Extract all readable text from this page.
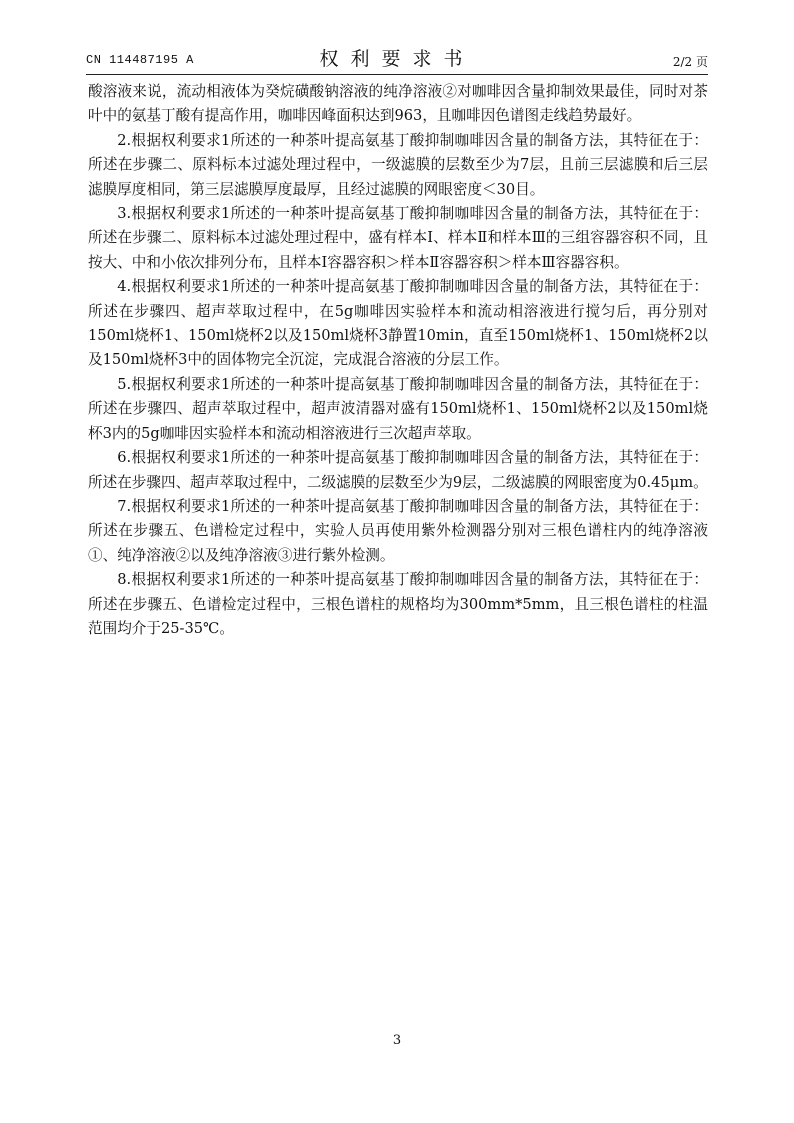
CN 114487195 A	权利要求书	2/2 页

酸溶液来说，流动相液体为癸烷磺酸钠溶液的纯净溶液②对咖啡因含量抑制效果最佳，同时对茶叶中的氨基丁酸有提高作用，咖啡因峰面积达到963，且咖啡因色谱图走线趋势最好。

2.根据权利要求1所述的一种茶叶提高氨基丁酸抑制咖啡因含量的制备方法，其特征在于：所述在步骤二、原料标本过滤处理过程中，一级滤膜的层数至少为7层，且前三层滤膜和后三层滤膜厚度相同，第三层滤膜厚度最厚，且经过滤膜的网眼密度＜30目。

3.根据权利要求1所述的一种茶叶提高氨基丁酸抑制咖啡因含量的制备方法，其特征在于：所述在步骤二、原料标本过滤处理过程中，盛有样本Ⅰ、样本Ⅱ和样本Ⅲ的三组容器容积不同，且按大、中和小依次排列分布，且样本Ⅰ容器容积＞样本Ⅱ容器容积＞样本Ⅲ容器容积。

4.根据权利要求1所述的一种茶叶提高氨基丁酸抑制咖啡因含量的制备方法，其特征在于：所述在步骤四、超声萃取过程中，在5g咖啡因实验样本和流动相溶液进行搅匀后，再分别对150ml烧杯1、150ml烧杯2以及150ml烧杯3静置10min，直至150ml烧杯1、150ml烧杯2以及150ml烧杯3中的固体物完全沉淀，完成混合溶液的分层工作。

5.根据权利要求1所述的一种茶叶提高氨基丁酸抑制咖啡因含量的制备方法，其特征在于：所述在步骤四、超声萃取过程中，超声波清器对盛有150ml烧杯1、150ml烧杯2以及150ml烧杯3内的5g咖啡因实验样本和流动相溶液进行三次超声萃取。

6.根据权利要求1所述的一种茶叶提高氨基丁酸抑制咖啡因含量的制备方法，其特征在于：所述在步骤四、超声萃取过程中，二级滤膜的层数至少为9层，二级滤膜的网眼密度为0.45μm。

7.根据权利要求1所述的一种茶叶提高氨基丁酸抑制咖啡因含量的制备方法，其特征在于：所述在步骤五、色谱检定过程中，实验人员再使用紫外检测器分别对三根色谱柱内的纯净溶液①、纯净溶液②以及纯净溶液③进行紫外检测。

8.根据权利要求1所述的一种茶叶提高氨基丁酸抑制咖啡因含量的制备方法，其特征在于：所述在步骤五、色谱检定过程中，三根色谱柱的规格均为300mm*5mm，且三根色谱柱的柱温范围均介于25-35℃。

3
